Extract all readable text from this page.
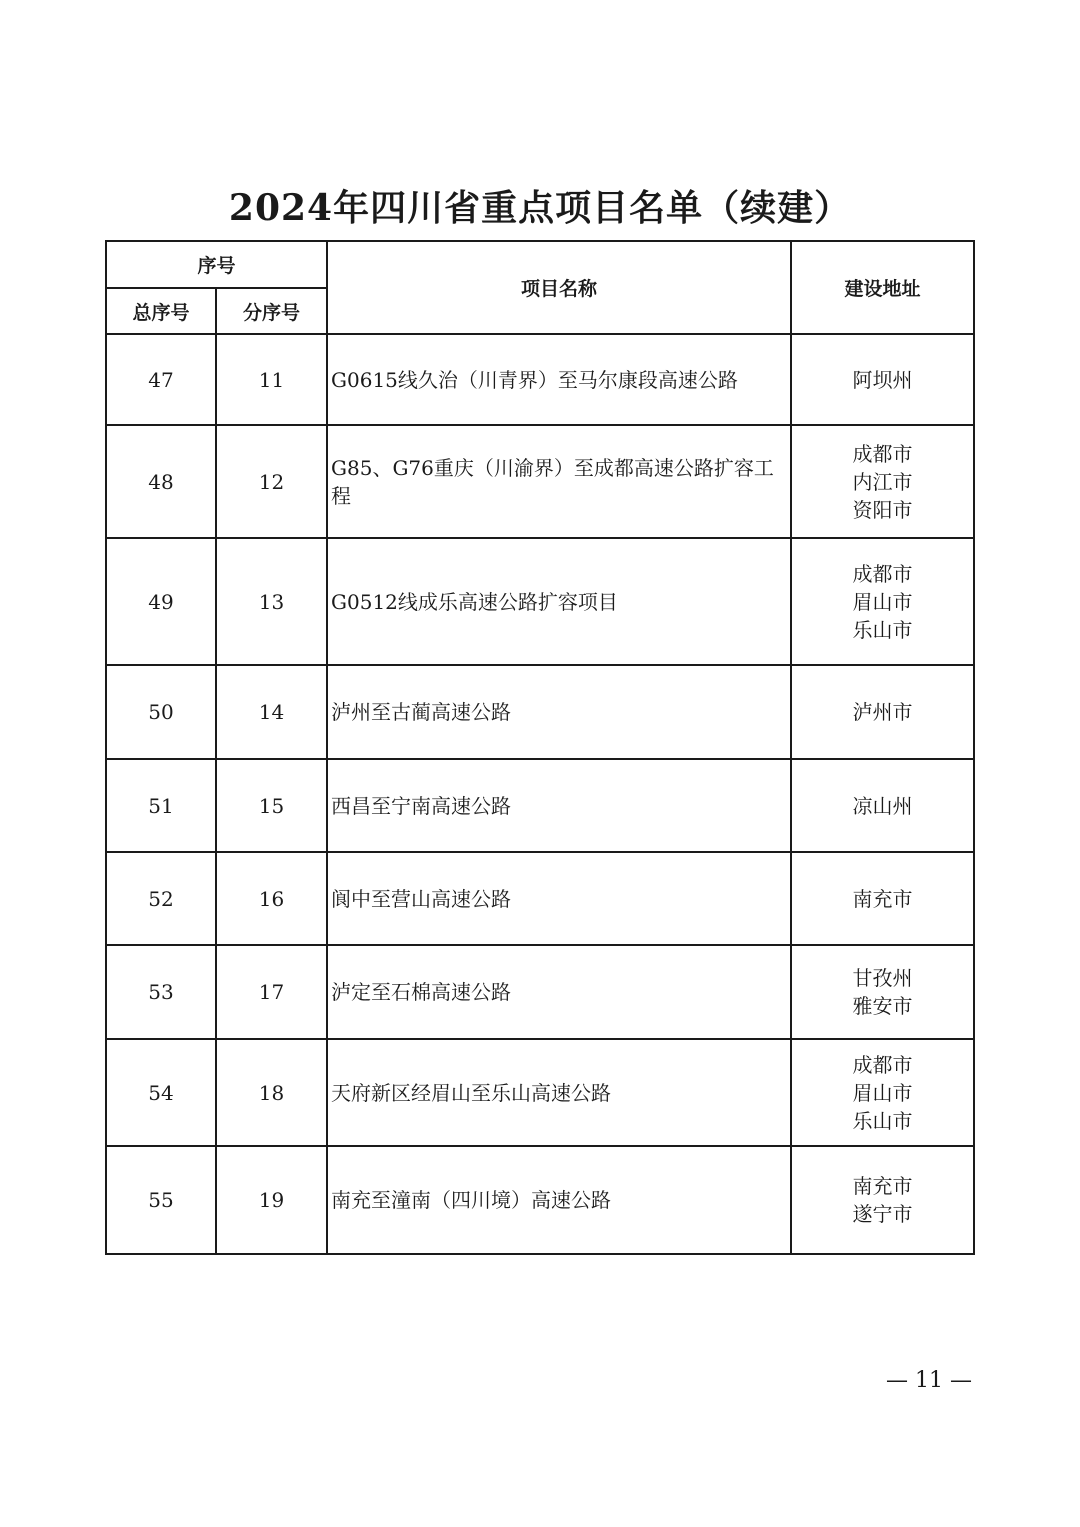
2024年四川省重点项目名单（续建）
序号		项目名称	建设地址
总序号	分序号		
47	11	G0615线久治（川青界）至马尔康段高速公路	阿坝州

48	12	G85、G76重庆（川渝界）至成都高速公路扩容工程	成都市
内江市
资阳市

49	13	G0512线成乐高速公路扩容项目	成都市
眉山市
乐山市

50	14	泸州至古蔺高速公路	泸州市

51	15	西昌至宁南高速公路	凉山州

52	16	阆中至营山高速公路	南充市

53	17	泸定至石棉高速公路	甘孜州
雅安市

54	18	天府新区经眉山至乐山高速公路	成都市
眉山市
乐山市

55	19	南充至潼南（四川境）高速公路	南充市
遂宁市
— 11 —
